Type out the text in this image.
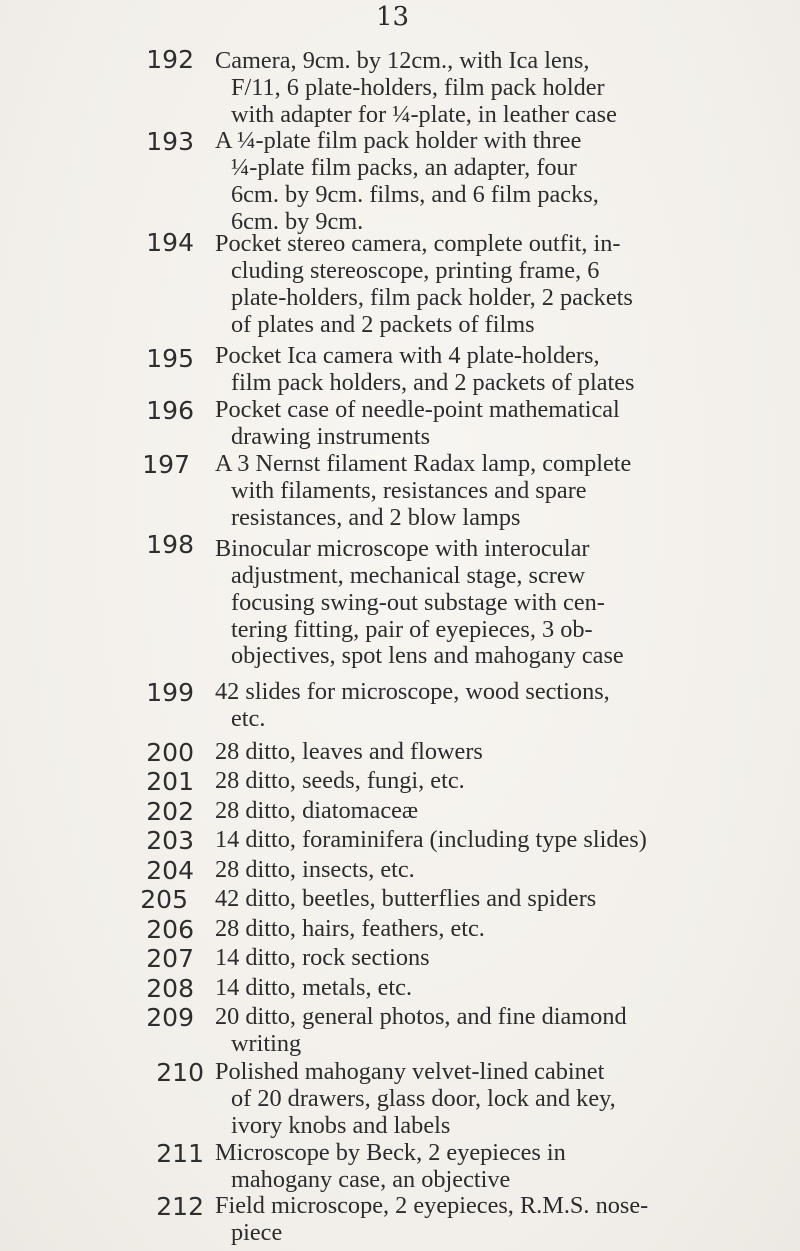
13
192 Camera, 9cm. by 12cm., with Ica lens,
F/11, 6 plate-holders, film pack holder
with adapter for ¼-plate, in leather case
193 A ¼-plate film pack holder with three
¼-plate film packs, an adapter, four
6cm. by 9cm. films, and 6 film packs,
6cm. by 9cm.
194 Pocket stereo camera, complete outfit, in-
cluding stereoscope, printing frame, 6
plate-holders, film pack holder, 2 packets
of plates and 2 packets of films
195 Pocket Ica camera with 4 plate-holders,
film pack holders, and 2 packets of plates
196 Pocket case of needle-point mathematical
drawing instruments
197 A 3 Nernst filament Radax lamp, complete
with filaments, resistances and spare
resistances, and 2 blow lamps
198 Binocular microscope with interocular
adjustment, mechanical stage, screw
focusing swing-out substage with cen-
tering fitting, pair of eyepieces, 3 ob-
objectives, spot lens and mahogany case
199 42 slides for microscope, wood sections,
etc.
200 28 ditto, leaves and flowers
201 28 ditto, seeds, fungi, etc.
202 28 ditto, diatomaceæ
203 14 ditto, foraminifera (including type slides)
204 28 ditto, insects, etc.
205 42 ditto, beetles, butterflies and spiders
206 28 ditto, hairs, feathers, etc.
207 14 ditto, rock sections
208 14 ditto, metals, etc.
209 20 ditto, general photos, and fine diamond
writing
210 Polished mahogany velvet-lined cabinet
of 20 drawers, glass door, lock and key,
ivory knobs and labels
211 Microscope by Beck, 2 eyepieces in
mahogany case, an objective
212 Field microscope, 2 eyepieces, R.M.S. nose-
piece
